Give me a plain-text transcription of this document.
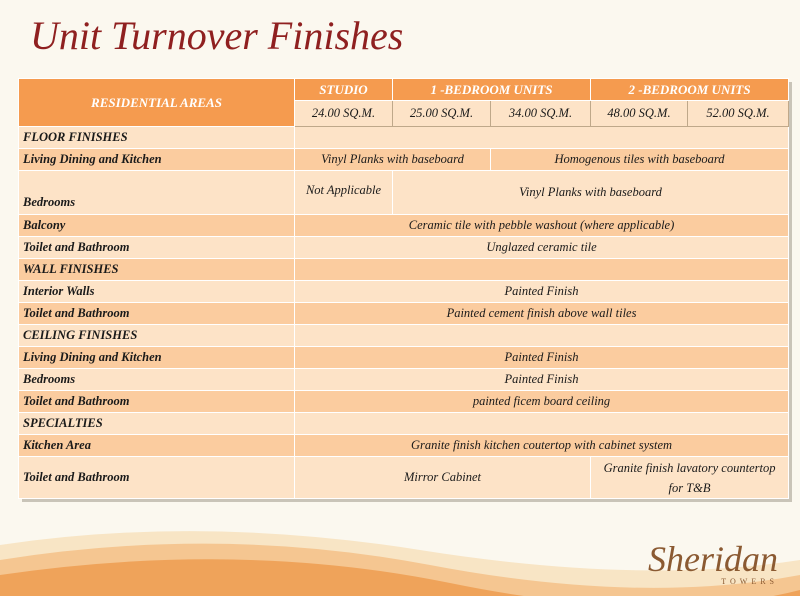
Unit Turnover Finishes
RESIDENTIAL AREAS	STUDIO	1 -BEDROOM UNITS		2 -BEDROOM UNITS	
	24.00 SQ.M.	25.00 SQ.M.	34.00 SQ.M.	48.00 SQ.M.	52.00 SQ.M.
FLOOR FINISHES					
Living Dining and Kitchen	Vinyl Planks with baseboard		Homogenous tiles with baseboard		
Bedrooms	Not Applicable	Vinyl Planks with baseboard			
Balcony	Ceramic tile with pebble washout (where applicable)				
Toilet and Bathroom	Unglazed ceramic tile				
WALL FINISHES					
Interior Walls	Painted Finish				
Toilet and Bathroom	Painted cement finish above wall tiles				
CEILING FINISHES					
Living Dining and Kitchen	Painted Finish				
Bedrooms	Painted Finish				
Toilet and Bathroom	painted ficem board ceiling				
SPECIALTIES					
Kitchen Area	Granite finish kitchen coutertop with cabinet system				
Toilet and Bathroom	Mirror Cabinet			Granite finish lavatory countertop for T&B	
Sheridan
TOWERS
